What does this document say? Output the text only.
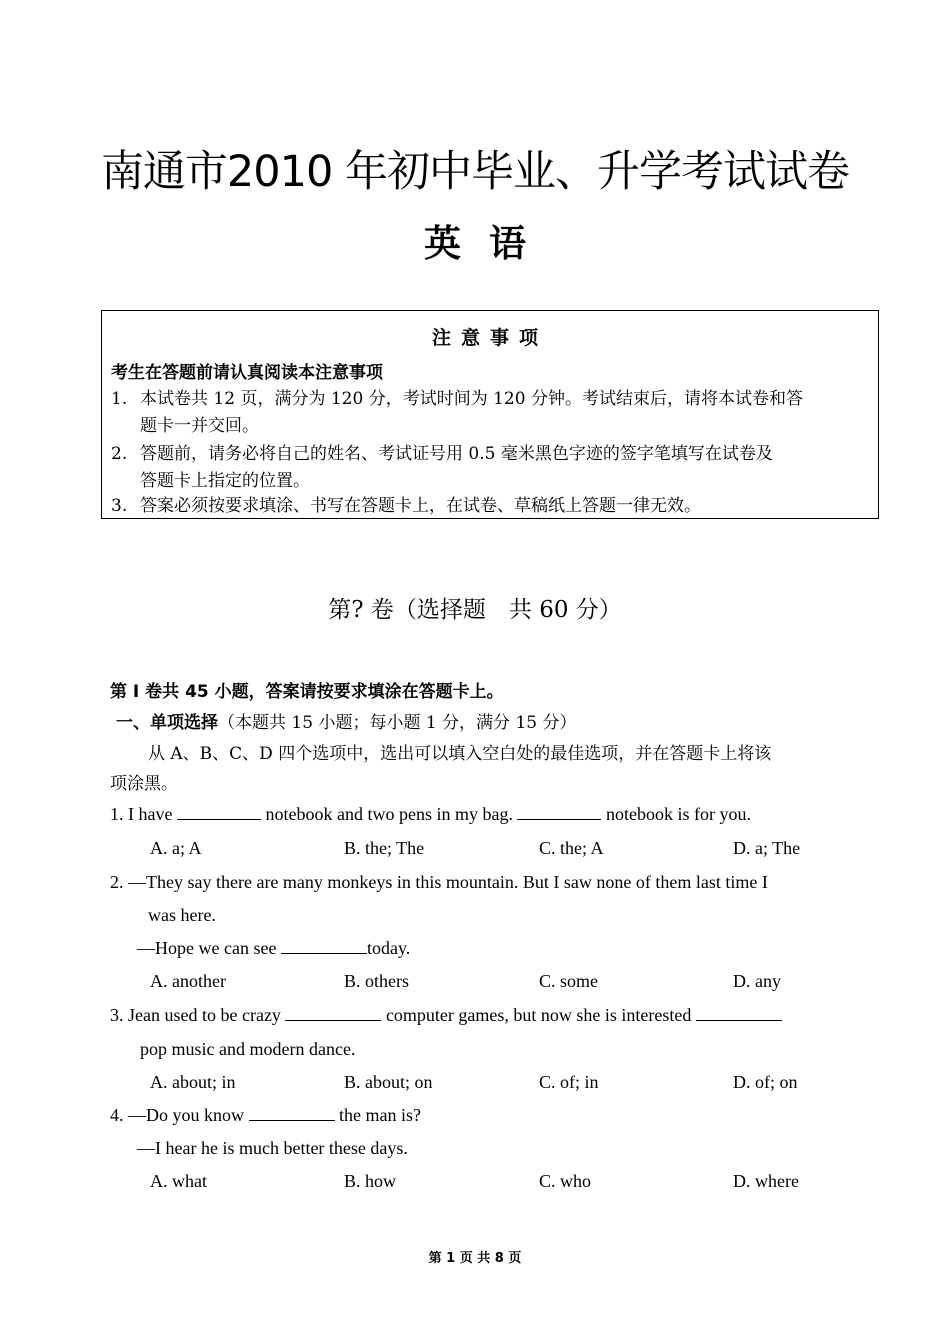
南通市2010 年初中毕业、升学考试试卷
英语
注意事项
考生在答题前请认真阅读本注意事项
1. 本试卷共 12 页，满分为 120 分，考试时间为 120 分钟。考试结束后，请将本试卷和答
题卡一并交回。
2. 答题前，请务必将自己的姓名、考试证号用 0.5 毫米黑色字迹的签字笔填写在试卷及
答题卡上指定的位置。
3. 答案必须按要求填涂、书写在答题卡上，在试卷、草稿纸上答题一律无效。
第? 卷（选择题　共 60 分）
第 I 卷共 45 小题，答案请按要求填涂在答题卡上。
一、单项选择（本题共 15 小题；每小题 1 分，满分 15 分）
从 A、B、C、D 四个选项中，选出可以填入空白处的最佳选项，并在答题卡上将该
项涂黑。
1. I have	notebook and two pens in my bag.	notebook is for you.
A. a; A	B. the; The	C. the; A	D. a; The
2. —They say there are many monkeys in this mountain. But I saw none of them last time I
was here.
—Hope we can see	today.
A. another	B. others	C. some	D. any
3. Jean used to be crazy	computer games, but now she is interested
pop music and modern dance.
A. about; in	B. about; on	C. of; in	D. of; on
4. —Do you know	the man is?
—I hear he is much better these days.
A. what	B. how	C. who	D. where
第 1 页 共 8 页
